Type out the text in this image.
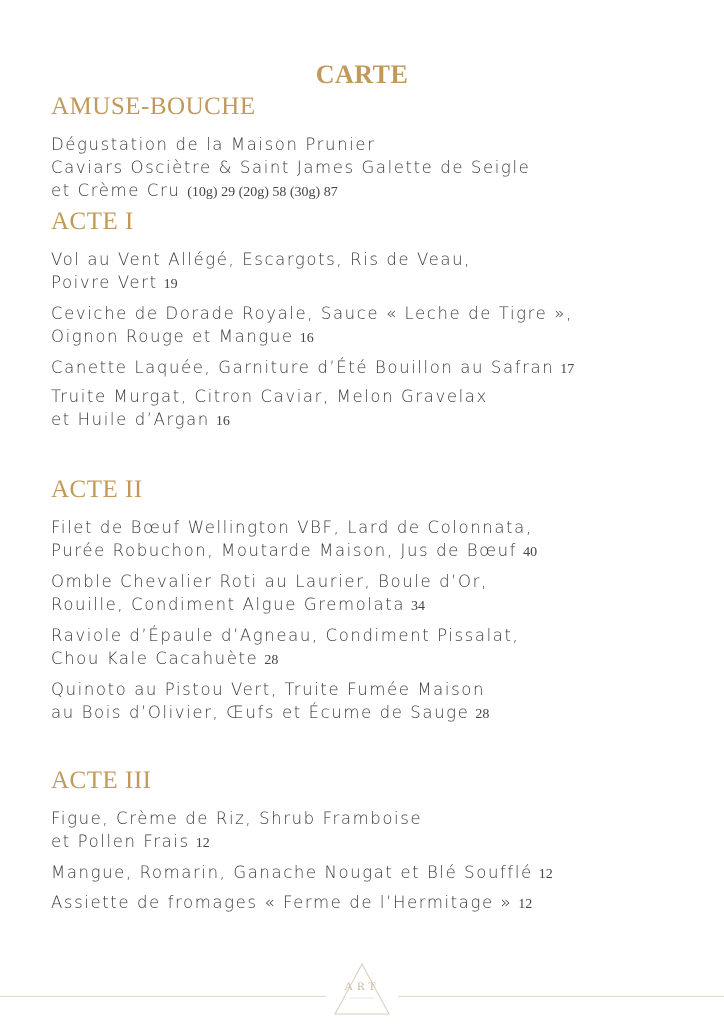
CARTE
AMUSE-BOUCHE

Dégustation de la Maison Prunier
Caviars Osciètre & Saint James Galette de Seigle
et Crème Cru (10g) 29 (20g) 58 (30g) 87

ACTE I

Vol au Vent Allégé, Escargots, Ris de Veau,
Poivre Vert 19

Ceviche de Dorade Royale, Sauce « Leche de Tigre »,
Oignon Rouge et Mangue 16

Canette Laquée, Garniture d’Été Bouillon au Safran 17

Truite Murgat, Citron Caviar, Melon Gravelax
et Huile d’Argan 16

ACTE II

Filet de Bœuf Wellington VBF, Lard de Colonnata,
Purée Robuchon, Moutarde Maison, Jus de Bœuf 40

Omble Chevalier Roti au Laurier, Boule d’Or,
Rouille, Condiment Algue Gremolata 34

Raviole d’Épaule d’Agneau, Condiment Pissalat,
Chou Kale Cacahuète 28

Quinoto au Pistou Vert, Truite Fumée Maison
au Bois d’Olivier, Œufs et Écume de Sauge 28

ACTE III

Figue, Crème de Riz, Shrub Framboise
et Pollen Frais 12

Mangue, Romarin, Ganache Nougat et Blé Soufflé 12

Assiette de fromages « Ferme de l’Hermitage » 12

ART
